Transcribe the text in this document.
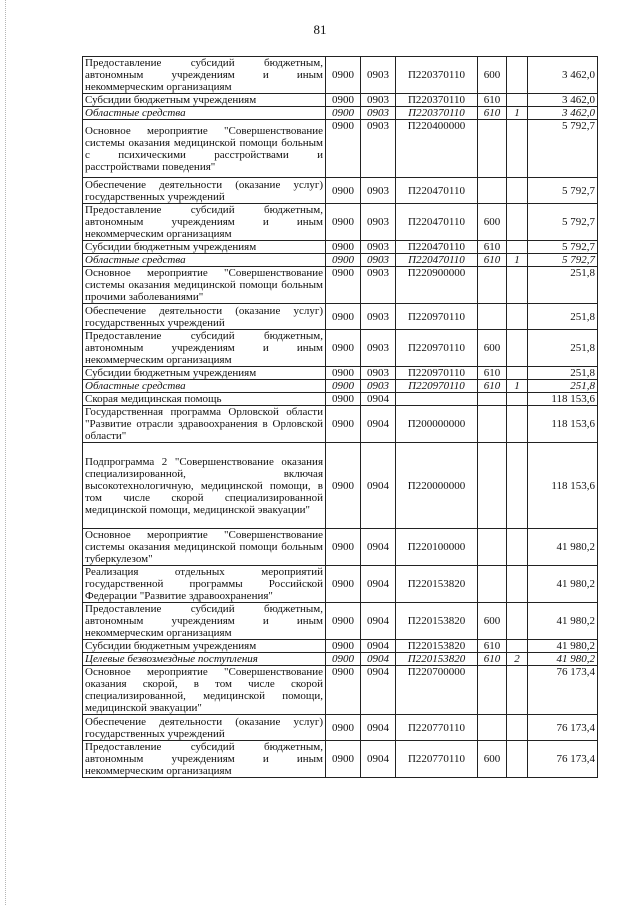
81
Предоставление субсидий бюджетным, автономным учреждениям и иным некоммерческим организациям	0900	0903	П220370110	600		3 462,0
Субсидии бюджетным учреждениям	0900	0903	П220370110	610		3 462,0
Областные средства	0900	0903	П220370110	610	1	3 462,0
Основное мероприятие "Совершенствование системы оказания медицинской помощи больным с психическими расстройствами и расстройствами поведения"	0900	0903	П220400000			5 792,7
Обеспечение деятельности (оказание услуг) государственных учреждений	0900	0903	П220470110			5 792,7
Предоставление субсидий бюджетным, автономным учреждениям и иным некоммерческим организациям	0900	0903	П220470110	600		5 792,7
Субсидии бюджетным учреждениям	0900	0903	П220470110	610		5 792,7
Областные средства	0900	0903	П220470110	610	1	5 792,7
Основное мероприятие "Совершенствование системы оказания медицинской помощи больным прочими заболеваниями"	0900	0903	П220900000			251,8
Обеспечение деятельности (оказание услуг) государственных учреждений	0900	0903	П220970110			251,8
Предоставление субсидий бюджетным, автономным учреждениям и иным некоммерческим организациям	0900	0903	П220970110	600		251,8
Субсидии бюджетным учреждениям	0900	0903	П220970110	610		251,8
Областные средства	0900	0903	П220970110	610	1	251,8
Скорая медицинская помощь	0900	0904				118 153,6
Государственная программа Орловской области "Развитие отрасли здравоохранения в Орловской области"	0900	0904	П200000000			118 153,6
Подпрограмма 2 "Совершенствование оказания специализированной, включая высокотехнологичную, медицинской помощи, в том числе скорой специализированной медицинской помощи, медицинской эвакуации"	0900	0904	П220000000			118 153,6
Основное мероприятие "Совершенствование системы оказания медицинской помощи больным туберкулезом"	0900	0904	П220100000			41 980,2
Реализация отдельных мероприятий государственной программы Российской Федерации "Развитие здравоохранения"	0900	0904	П220153820			41 980,2
Предоставление субсидий бюджетным, автономным учреждениям и иным некоммерческим организациям	0900	0904	П220153820	600		41 980,2
Субсидии бюджетным учреждениям	0900	0904	П220153820	610		41 980,2
Целевые безвозмездные поступления	0900	0904	П220153820	610	2	41 980,2
Основное мероприятие "Совершенствование оказания скорой, в том числе скорой специализированной, медицинской помощи, медицинской эвакуации"	0900	0904	П220700000			76 173,4
Обеспечение деятельности (оказание услуг) государственных учреждений	0900	0904	П220770110			76 173,4
Предоставление субсидий бюджетным, автономным учреждениям и иным некоммерческим организациям	0900	0904	П220770110	600		76 173,4
